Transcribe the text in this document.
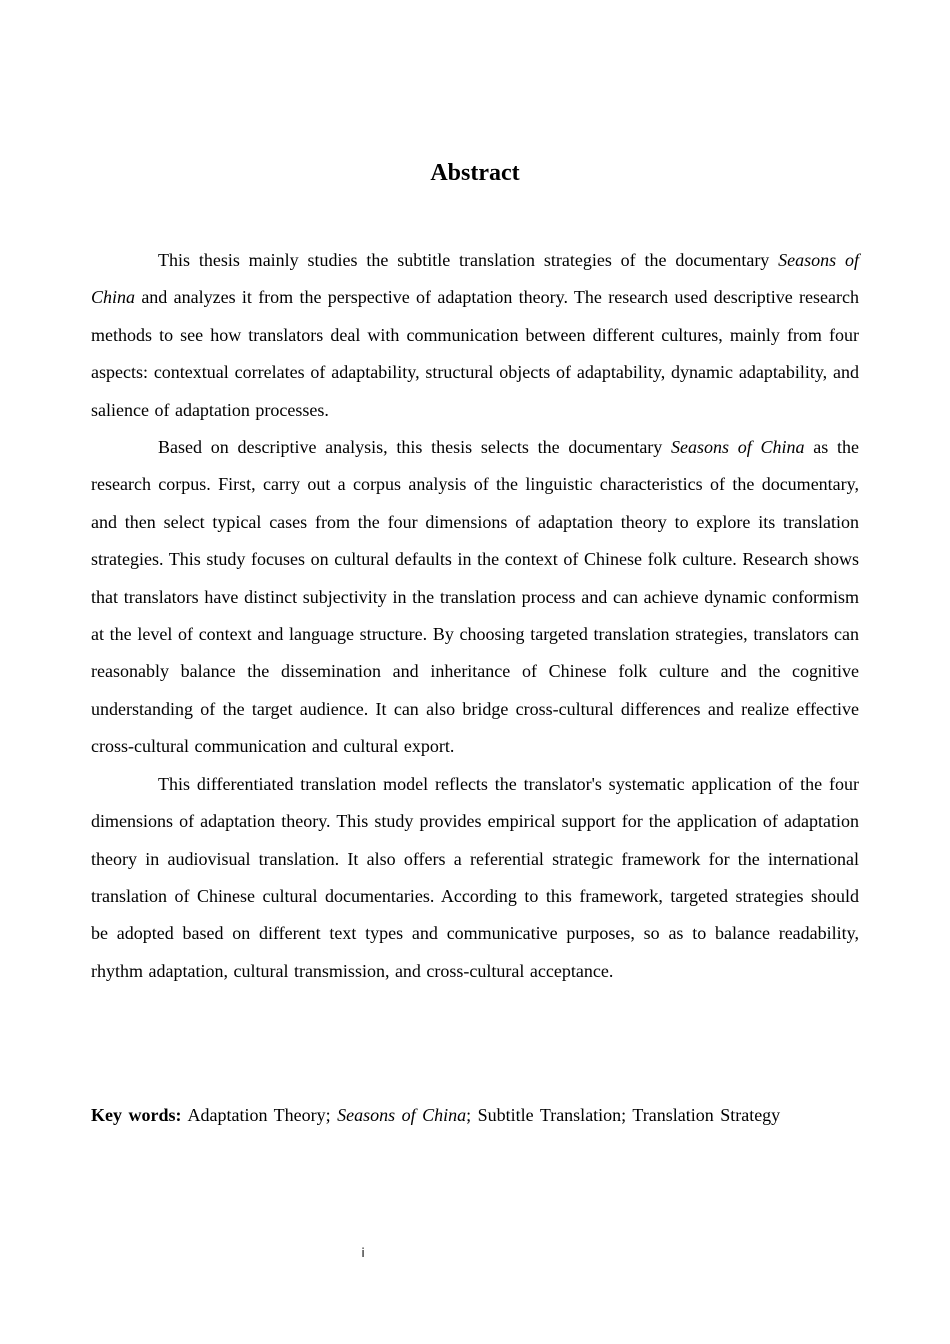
Abstract

This thesis mainly studies the subtitle translation strategies of the documentary Seasons of China and analyzes it from the perspective of adaptation theory. The research used descriptive research methods to see how translators deal with communication between different cultures, mainly from four aspects: contextual correlates of adaptability, structural objects of adaptability, dynamic adaptability, and salience of adaptation processes.

Based on descriptive analysis, this thesis selects the documentary Seasons of China as the research corpus. First, carry out a corpus analysis of the linguistic characteristics of the documentary, and then select typical cases from the four dimensions of adaptation theory to explore its translation strategies. This study focuses on cultural defaults in the context of Chinese folk culture. Research shows that translators have distinct subjectivity in the translation process and can achieve dynamic conformism at the level of context and language structure. By choosing targeted translation strategies, translators can reasonably balance the dissemination and inheritance of Chinese folk culture and the cognitive understanding of the target audience. It can also bridge cross-cultural differences and realize effective cross-cultural communication and cultural export.

This differentiated translation model reflects the translator's systematic application of the four dimensions of adaptation theory. This study provides empirical support for the application of adaptation theory in audiovisual translation. It also offers a referential strategic framework for the international translation of Chinese cultural documentaries. According to this framework, targeted strategies should be adopted based on different text types and communicative purposes, so as to balance readability, rhythm adaptation, cultural transmission, and cross-cultural acceptance.

Key words: Adaptation Theory; Seasons of China; Subtitle Translation; Translation Strategy

i
